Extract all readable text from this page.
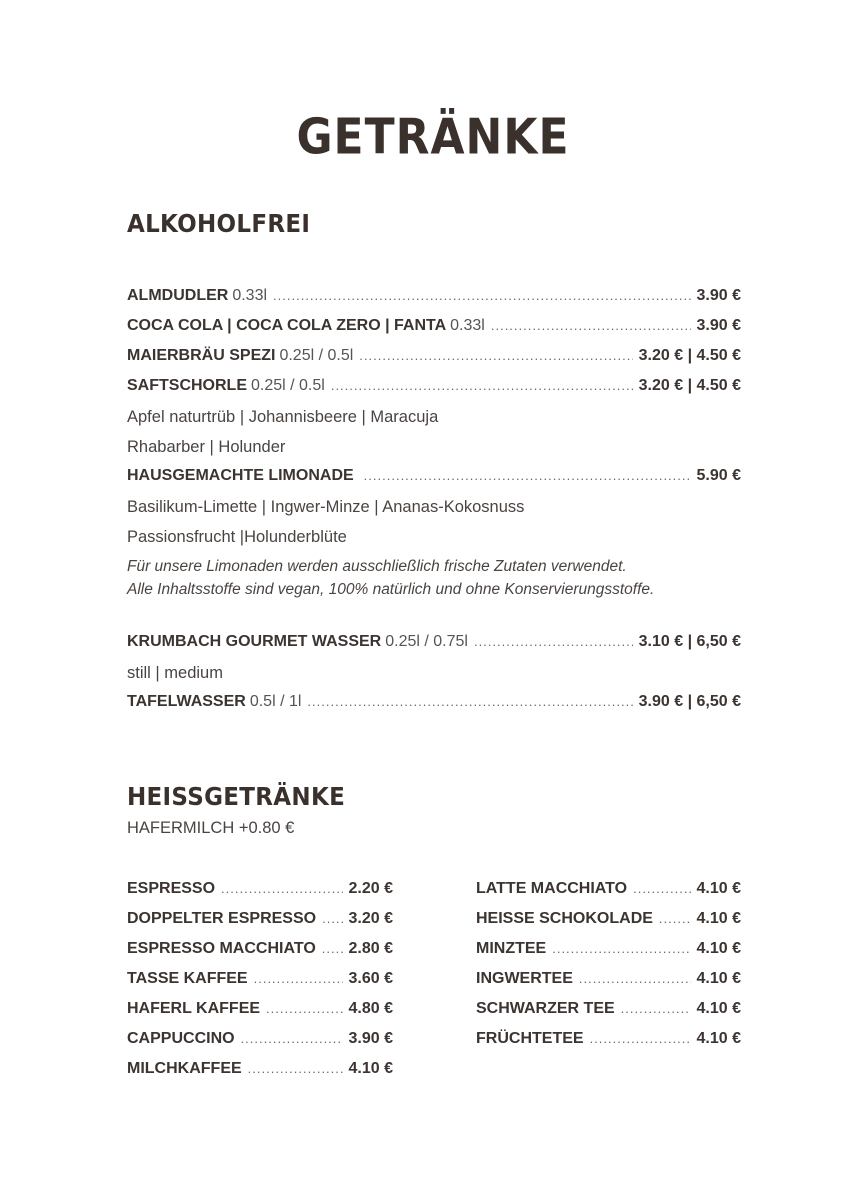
GETRÄNKE
ALKOHOLFREI
ALMDUDLER 0.33l .....	3.90 €
COCA COLA | COCA COLA ZERO | FANTA 0.33l .....	3.90 €
MAIERBRÄU SPEZI 0.25l / 0.5l .....	3.20 € | 4.50 €
SAFTSCHORLE 0.25l / 0.5l .....	3.20 € | 4.50 €
Apfel naturtrüb | Johannisbeere | Maracuja
Rhabarber | Holunder
HAUSGEMACHTE LIMONADE .....	5.90 €
Basilikum-Limette | Ingwer-Minze | Ananas-Kokosnuss
Passionsfrucht |Holunderblüte
Für unsere Limonaden werden ausschließlich frische Zutaten verwendet.
Alle Inhaltsstoffe sind vegan, 100% natürlich und ohne Konservierungsstoffe.
KRUMBACH GOURMET WASSER 0.25l / 0.75l .....	3.10 € | 6,50 €
still | medium
TAFELWASSER 0.5l / 1l .....	3.90 € | 6,50 €
HEISSGETRÄNKE
HAFERMILCH +0.80 €
ESPRESSO .....	2.20 €
DOPPELTER ESPRESSO ..... 3.20 €
ESPRESSO MACCHIATO ..... 2.80 €
TASSE KAFFEE .....	3.60 €
HAFERL KAFFEE .....	4.80 €
CAPPUCCINO .....	3.90 €
MILCHKAFFEE .....	4.10 €
LATTE MACCHIATO .....	4.10 €
HEISSE SCHOKOLADE .....	4.10 €
MINZTEE .....	4.10 €
INGWERTEE .....	4.10 €
SCHWARZER TEE .....	4.10 €
FRÜCHTETEE .....	4.10 €
